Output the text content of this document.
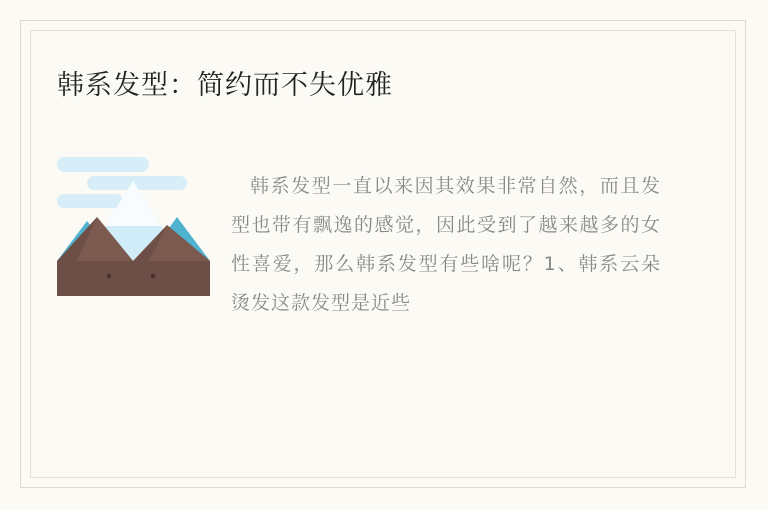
韩系发型：简约而不失优雅
韩系发型一直以来因其效果非常自然，而且发型也带有飘逸的感觉，因此受到了越来越多的女性喜爱，那么韩系发型有些啥呢？1、韩系云朵烫发这款发型是近些
